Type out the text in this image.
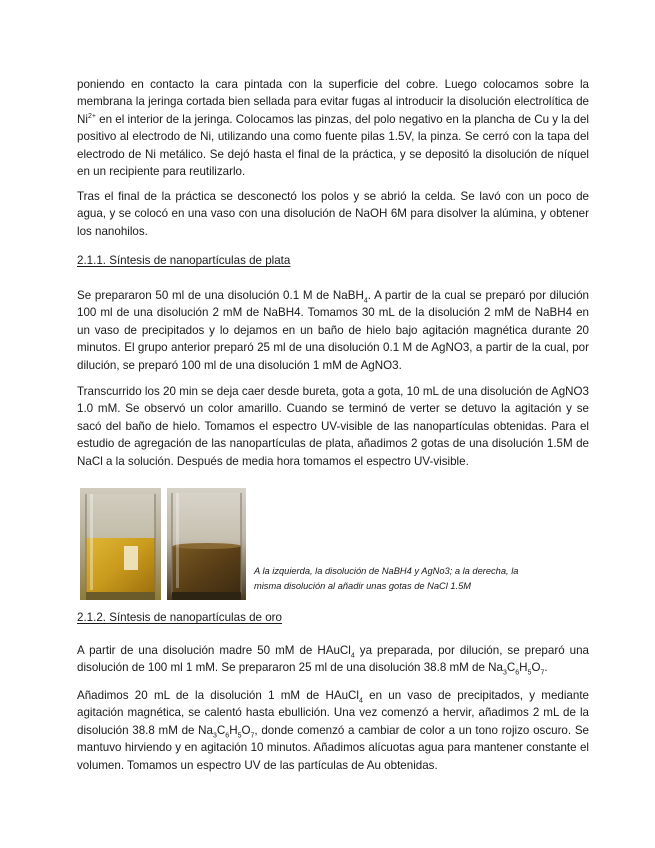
poniendo en contacto la cara pintada con la superficie del cobre. Luego colocamos sobre la membrana la jeringa cortada bien sellada para evitar fugas al introducir la disolución electrolítica de $Ni^{2+}$ en el interior de la jeringa. Colocamos las pinzas, del polo negativo en la plancha de Cu y la del positivo al electrodo de Ni, utilizando una como fuente pilas 1.5V, la pinza. Se cerró con la tapa del electrodo de Ni metálico. Se dejó hasta el final de la práctica, y se depositó la disolución de níquel en un recipiente para reutilizarlo.

Tras el final de la práctica se desconectó los polos y se abrió la celda. Se lavó con un poco de agua, y se colocó en una vaso con una disolución de NaOH 6M para disolver la alúmina, y obtener los nanohilos.

2.1.1. Síntesis de nanopartículas de plata

Se prepararon 50 ml de una disolución 0.1 M de NaBH$_4$. A partir de la cual se preparó por dilución 100 ml de una disolución 2 mM de NaBH4. Tomamos 30 mL de la disolución 2 mM de NaBH4 en un vaso de precipitados y lo dejamos en un baño de hielo bajo agitación magnética durante 20 minutos. El grupo anterior preparó 25 ml de una disolución 0.1 M de AgNO3, a partir de la cual, por dilución, se preparó 100 ml de una disolución 1 mM de AgNO3.

Transcurrido los 20 min se deja caer desde bureta, gota a gota, 10 mL de una disolución de AgNO3 1.0 mM. Se observó un color amarillo. Cuando se terminó de verter se detuvo la agitación y se sacó del baño de hielo. Tomamos el espectro UV-visible de las nanopartículas obtenidas. Para el estudio de agregación de las nanopartículas de plata, añadimos 2 gotas de una disolución 1.5M de NaCl a la solución. Después de media hora tomamos el espectro UV-visible.

A la izquierda, la disolución de NaBH4 y AgNo3; a la derecha, la
misma disolución al añadir unas gotas de NaCl 1.5M

2.1.2. Síntesis de nanopartículas de oro

A partir de una disolución madre 50 mM de HAuCl$_4$ ya preparada, por dilución, se preparó una disolución de 100 ml 1 mM. Se prepararon 25 ml de una disolución 38.8 mM de $Na_3C_6H_5O_7$.

Añadimos 20 mL de la disolución 1 mM de HAuCl$_4$ en un vaso de precipitados, y mediante agitación magnética, se calentó hasta ebullición. Una vez comenzó a hervir, añadimos 2 mL de la disolución 38.8 mM de $Na_3C_6H_5O_7$, donde comenzó a cambiar de color a un tono rojizo oscuro. Se mantuvo hirviendo y en agitación 10 minutos. Añadimos alícuotas agua para mantener constante el volumen. Tomamos un espectro UV de las partículas de Au obtenidas.
